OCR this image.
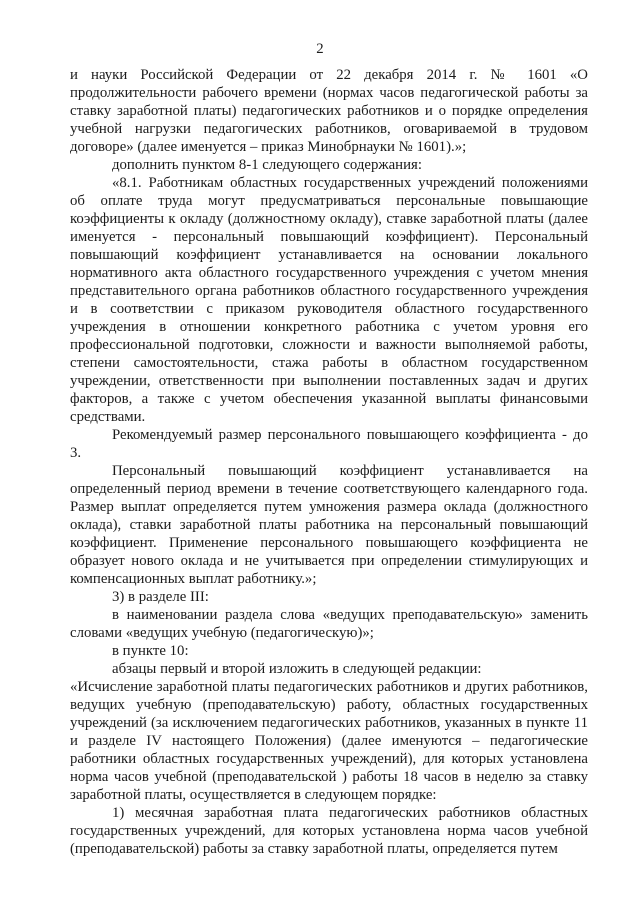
2

и науки Российской Федерации от 22 декабря 2014 г. № 1601 «О продолжительности рабочего времени (нормах часов педагогической работы за ставку заработной платы) педагогических работников и о порядке определения учебной нагрузки педагогических работников, оговариваемой в трудовом договоре» (далее именуется – приказ Минобрнауки № 1601).»;

дополнить пунктом 8-1 следующего содержания:

«8.1. Работникам областных государственных учреждений положениями об оплате труда могут предусматриваться персональные повышающие коэффициенты к окладу (должностному окладу), ставке заработной платы (далее именуется - персональный повышающий коэффициент). Персональный повышающий коэффициент устанавливается на основании локального нормативного акта областного государственного учреждения с учетом мнения представительного органа работников областного государственного учреждения и в соответствии с приказом руководителя областного государственного учреждения в отношении конкретного работника с учетом уровня его профессиональной подготовки, сложности и важности выполняемой работы, степени самостоятельности, стажа работы в областном государственном учреждении, ответственности при выполнении поставленных задач и других факторов, а также с учетом обеспечения указанной выплаты финансовыми средствами.

Рекомендуемый размер персонального повышающего коэффициента - до 3.

Персональный повышающий коэффициент устанавливается на определенный период времени в течение соответствующего календарного года. Размер выплат определяется путем умножения размера оклада (должностного оклада), ставки заработной платы работника на персональный повышающий коэффициент. Применение персонального повышающего коэффициента не образует нового оклада и не учитывается при определении стимулирующих и компенсационных выплат работнику.»;

3) в разделе III:

в наименовании раздела слова «ведущих преподавательскую» заменить словами «ведущих учебную (педагогическую)»;

в пункте 10:

абзацы первый и второй изложить в следующей редакции:

«Исчисление заработной платы педагогических работников и других работников, ведущих учебную (преподавательскую) работу, областных государственных учреждений (за исключением педагогических работников, указанных в пункте 11 и разделе IV настоящего Положения) (далее именуются – педагогические работники областных государственных учреждений), для которых установлена норма часов учебной (преподавательской ) работы 18 часов в неделю за ставку заработной платы, осуществляется в следующем порядке:

1) месячная заработная плата педагогических работников областных государственных учреждений, для которых установлена норма часов учебной (преподавательской) работы за ставку заработной платы, определяется путем
